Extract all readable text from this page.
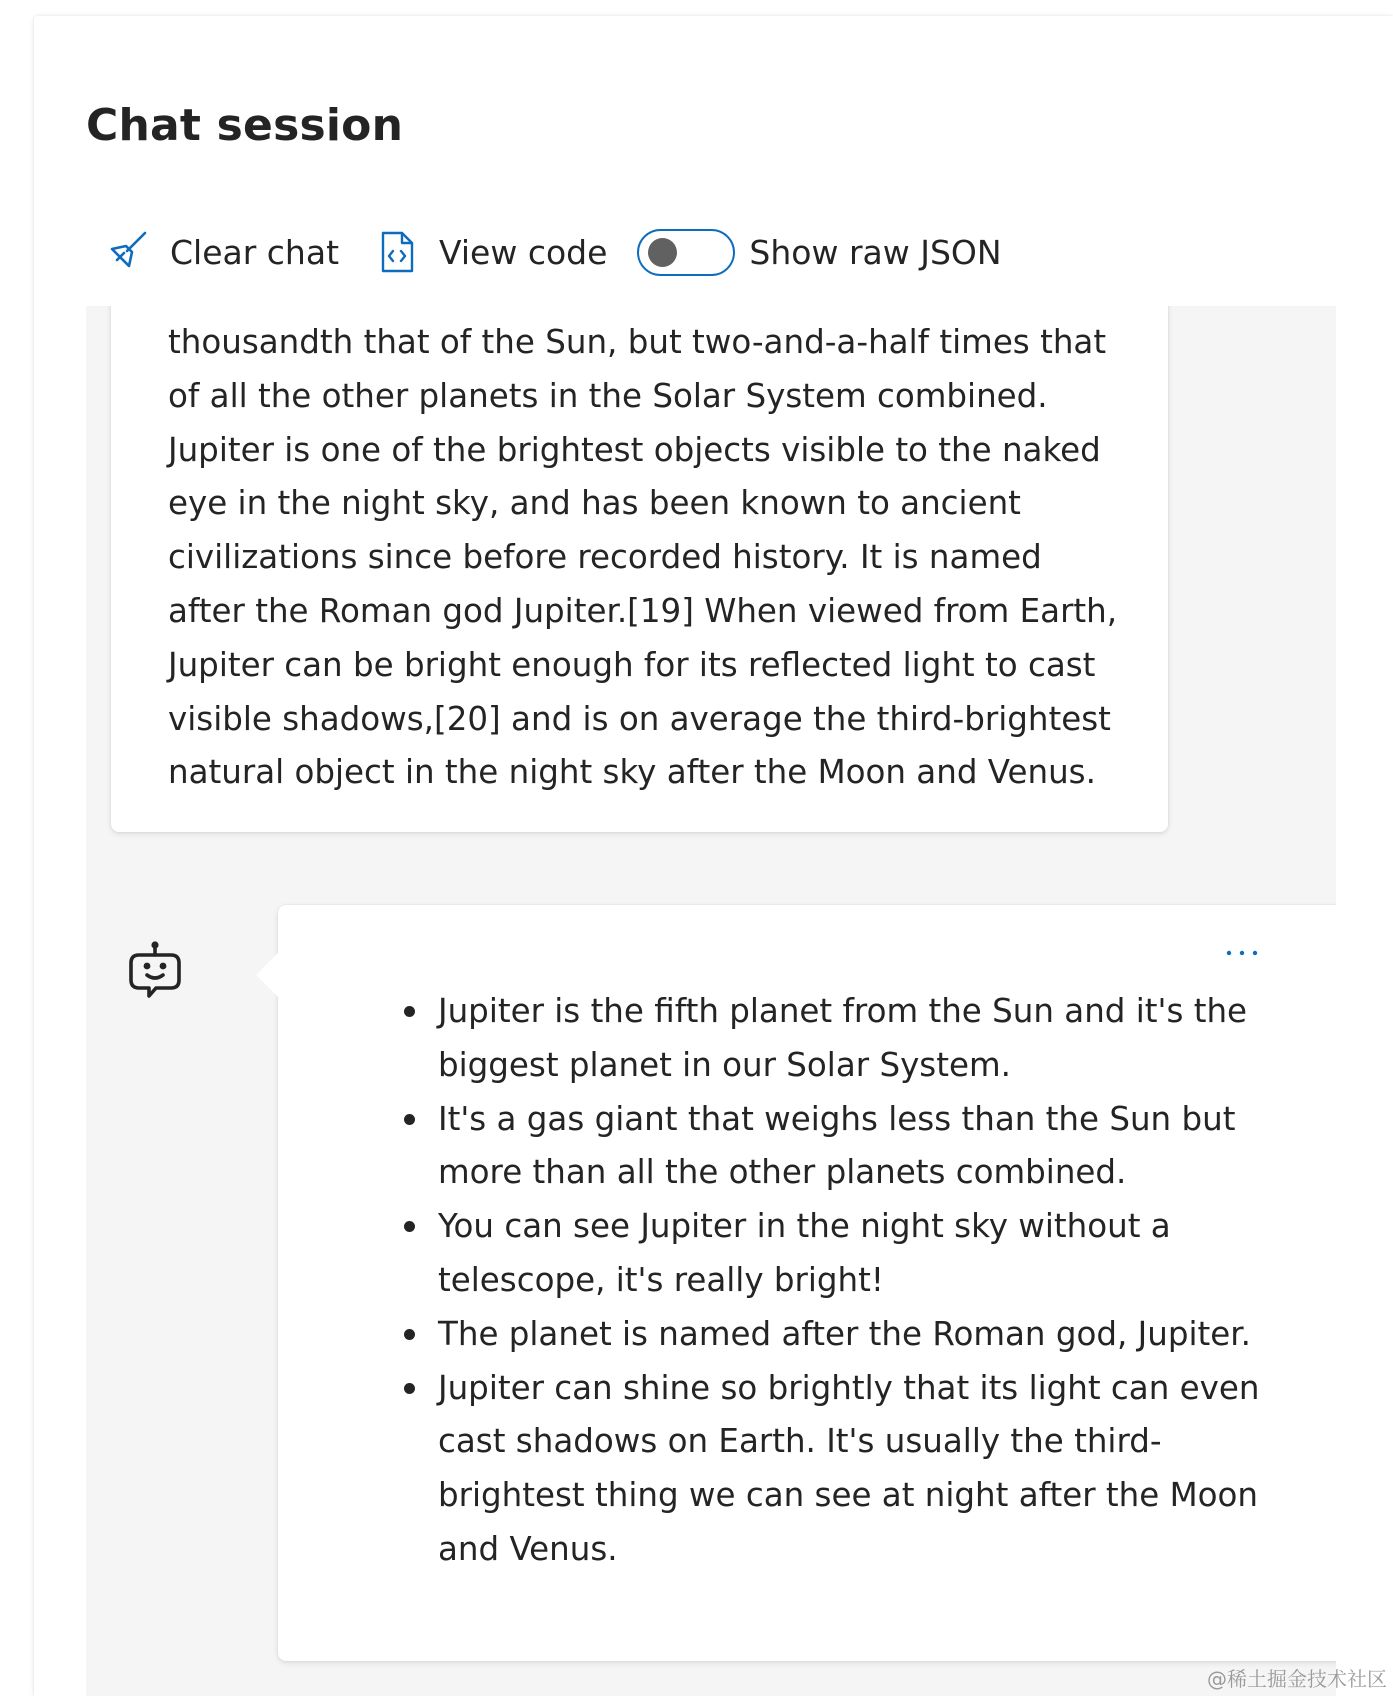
Chat session
Clear chat	View code	Show raw JSON

thousandth that of the Sun, but two-and-a-half times that of all the other planets in the Solar System combined. Jupiter is one of the brightest objects visible to the naked eye in the night sky, and has been known to ancient civilizations since before recorded history. It is named after the Roman god Jupiter.[19] When viewed from Earth, Jupiter can be bright enough for its reflected light to cast visible shadows,[20] and is on average the third-brightest natural object in the night sky after the Moon and Venus.

Jupiter is the fifth planet from the Sun and it's the biggest planet in our Solar System.
It's a gas giant that weighs less than the Sun but more than all the other planets combined.
You can see Jupiter in the night sky without a telescope, it's really bright!
The planet is named after the Roman god, Jupiter.
Jupiter can shine so brightly that its light can even cast shadows on Earth. It's usually the third-brightest thing we can see at night after the Moon and Venus.
@稀土掘金技术社区
